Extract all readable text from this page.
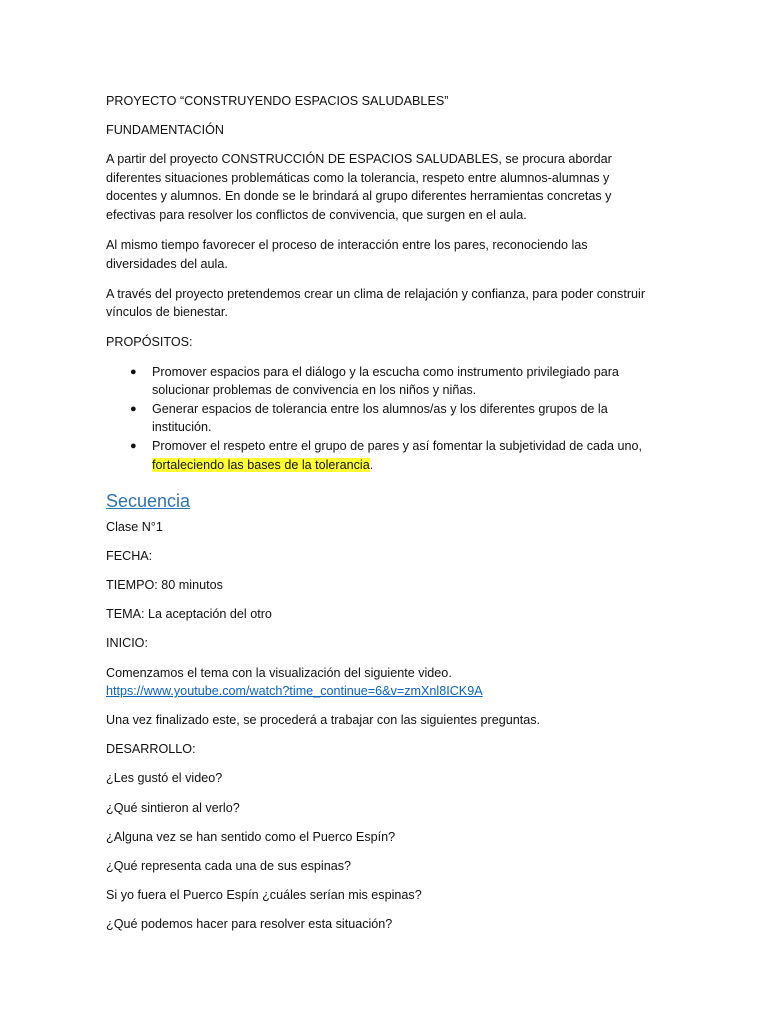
PROYECTO “CONSTRUYENDO ESPACIOS SALUDABLES”

FUNDAMENTACIÓN

A partir del proyecto CONSTRUCCIÓN DE ESPACIOS SALUDABLES, se procura abordar diferentes situaciones problemáticas como la tolerancia, respeto entre alumnos-alumnas y docentes y alumnos. En donde se le brindará al grupo diferentes herramientas concretas y efectivas para resolver los conflictos de convivencia, que surgen en el aula.

Al mismo tiempo favorecer el proceso de interacción entre los pares, reconociendo las diversidades del aula.

A través del proyecto pretendemos crear un clima de relajación y confianza, para poder construir vínculos de bienestar.

PROPÓSITOS:

● Promover espacios para el diálogo y la escucha como instrumento privilegiado para solucionar problemas de convivencia en los niños y niñas.
● Generar espacios de tolerancia entre los alumnos/as y los diferentes grupos de la institución.
● Promover el respeto entre el grupo de pares y así fomentar la subjetividad de cada uno, fortaleciendo las bases de la tolerancia.

Secuencia

Clase N°1

FECHA:

TIEMPO: 80 minutos

TEMA: La aceptación del otro

INICIO:

Comenzamos el tema con la visualización del siguiente video.

https://www.youtube.com/watch?time_continue=6&v=zmXnl8ICK9A

Una vez finalizado este, se procederá a trabajar con las siguientes preguntas.

DESARROLLO:

¿Les gustó el video?

¿Qué sintieron al verlo?

¿Alguna vez se han sentido como el Puerco Espín?

¿Qué representa cada una de sus espinas?

Si yo fuera el Puerco Espín ¿cuáles serían mis espinas?

¿Qué podemos hacer para resolver esta situación?
